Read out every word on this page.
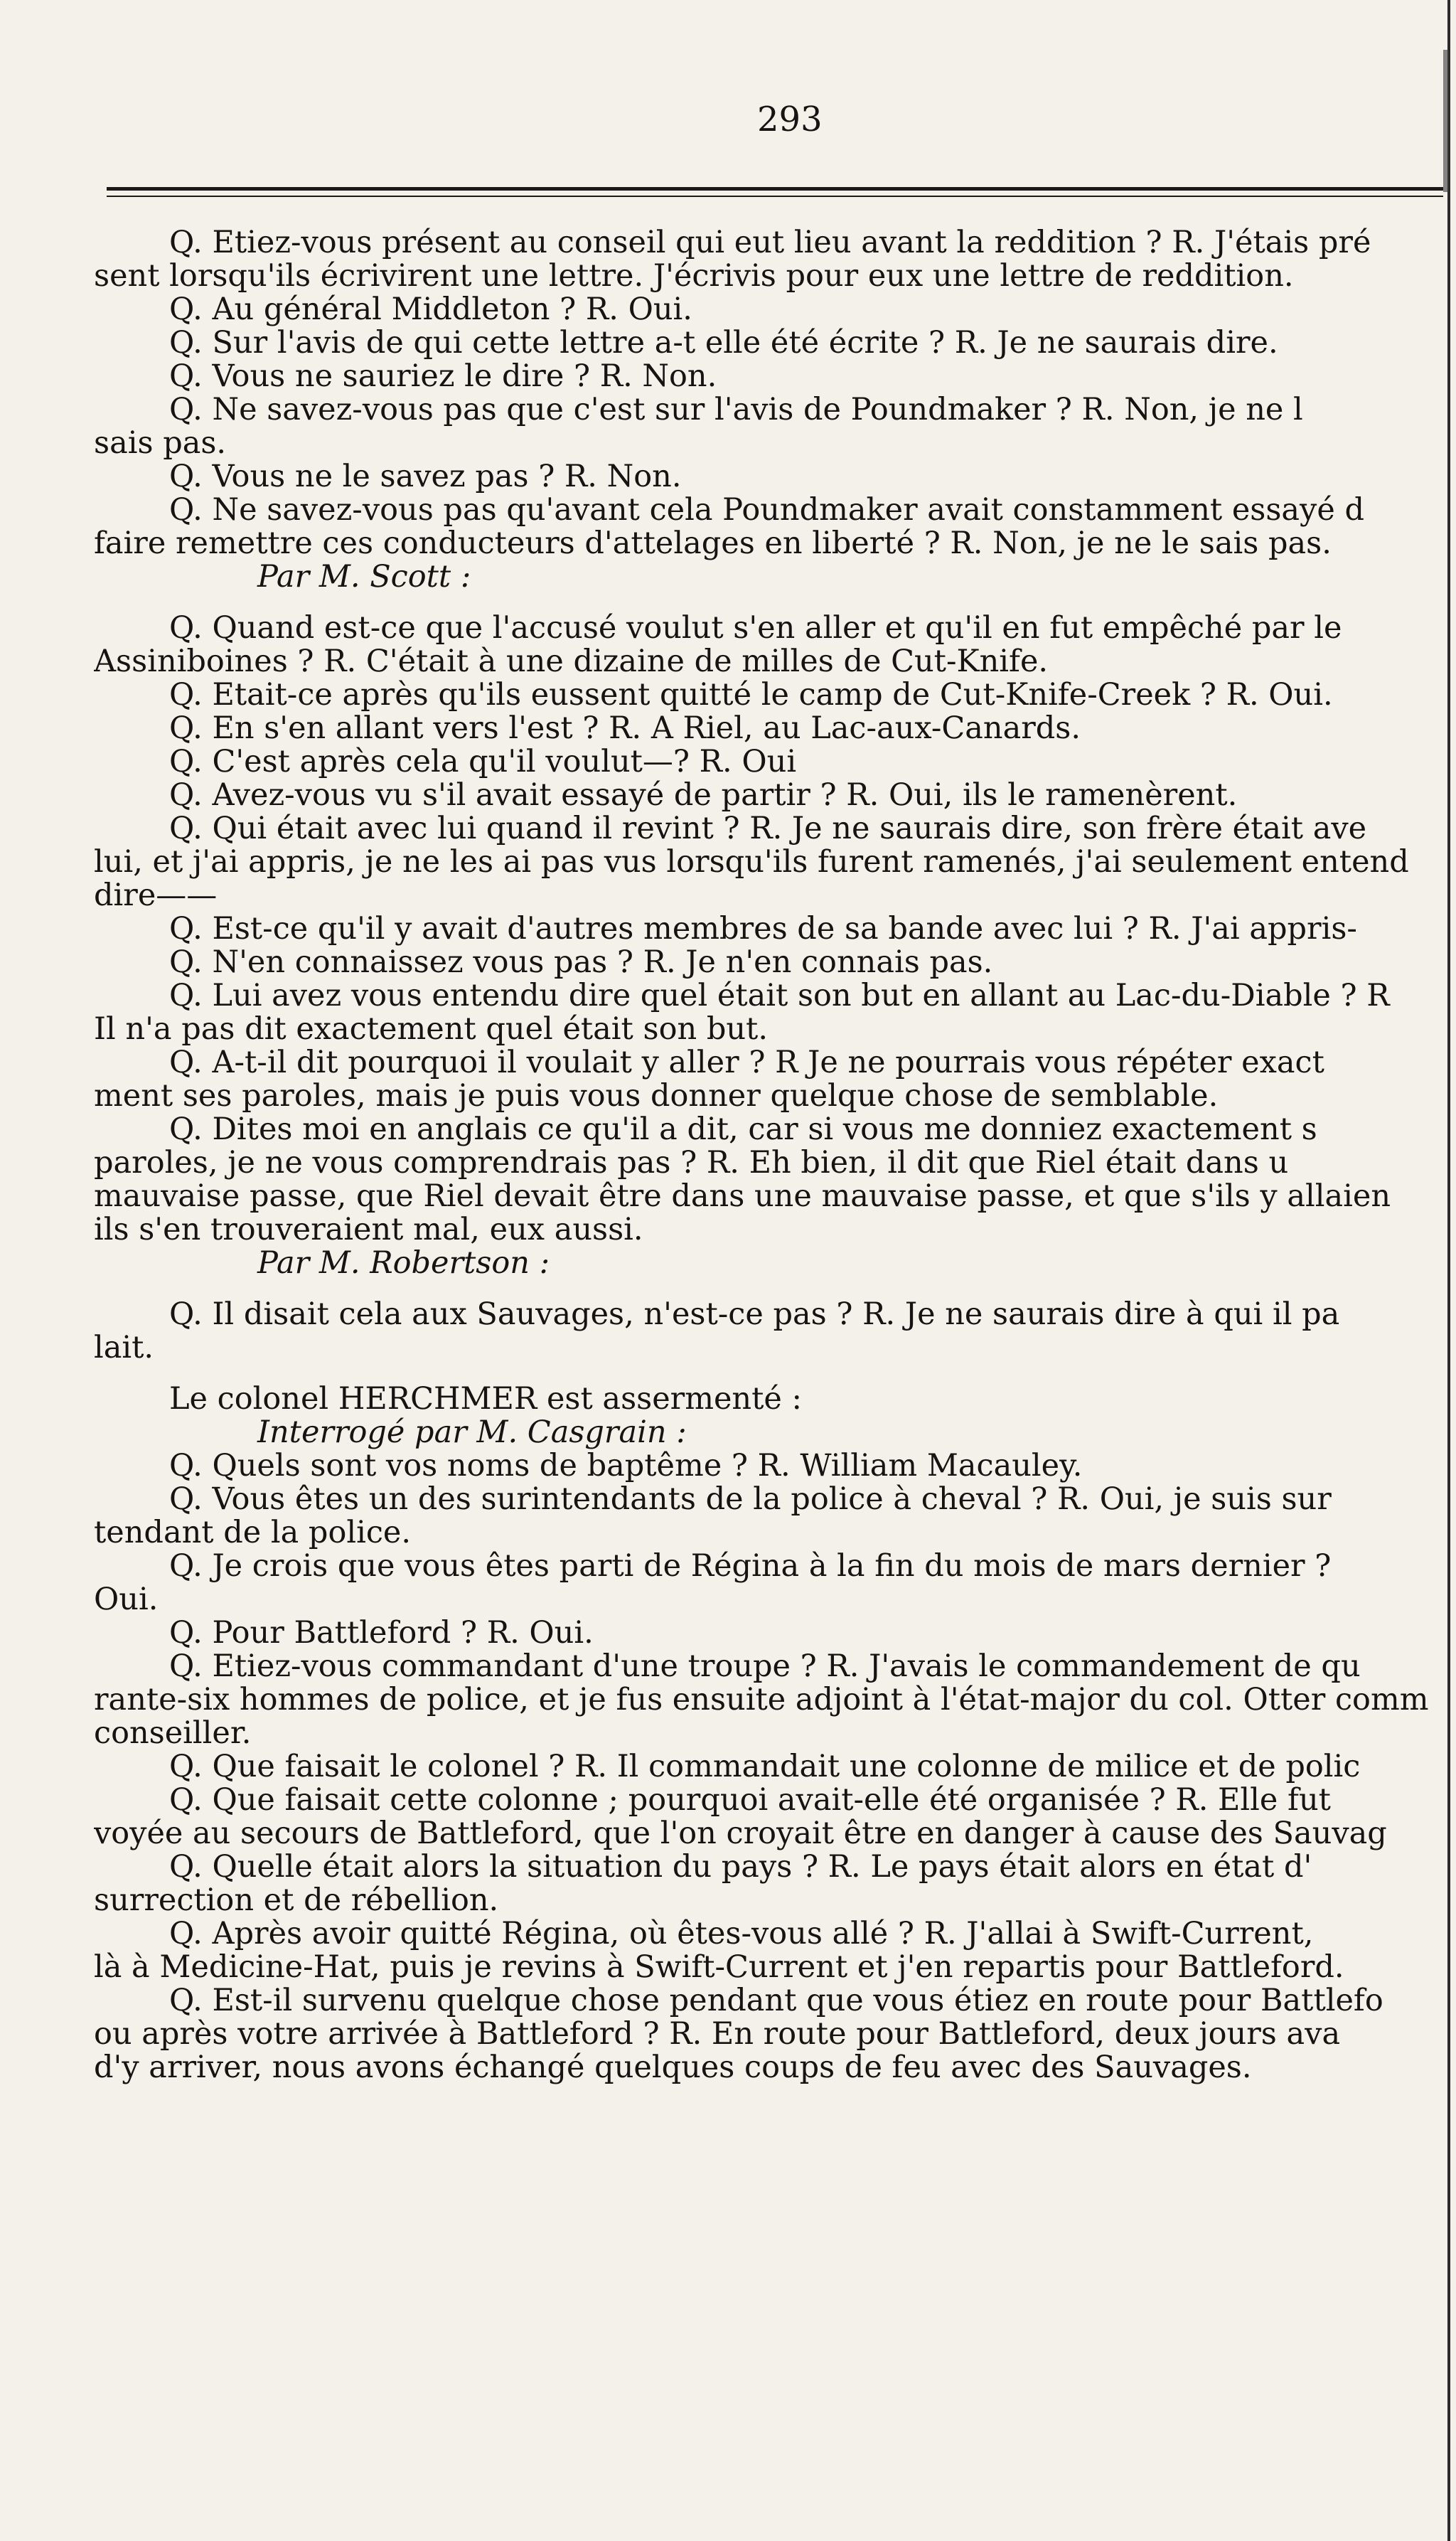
293
Q. Etiez-vous présent au conseil qui eut lieu avant la reddition ? R. J'étais pré
sent lorsqu'ils écrivirent une lettre. J'écrivis pour eux une lettre de reddition.
Q. Au général Middleton ? R. Oui.
Q. Sur l'avis de qui cette lettre a-t elle été écrite ? R. Je ne saurais dire.
Q. Vous ne sauriez le dire ? R. Non.
Q. Ne savez-vous pas que c'est sur l'avis de Poundmaker ? R. Non, je ne l
sais pas.
Q. Vous ne le savez pas ? R. Non.
Q. Ne savez-vous pas qu'avant cela Poundmaker avait constamment essayé d
faire remettre ces conducteurs d'attelages en liberté ? R. Non, je ne le sais pas.
Par M. Scott :
Q. Quand est-ce que l'accusé voulut s'en aller et qu'il en fut empêché par le
Assiniboines ? R. C'était à une dizaine de milles de Cut-Knife.
Q. Etait-ce après qu'ils eussent quitté le camp de Cut-Knife-Creek ? R. Oui.
Q. En s'en allant vers l'est ? R. A Riel, au Lac-aux-Canards.
Q. C'est après cela qu'il voulut—? R. Oui
Q. Avez-vous vu s'il avait essayé de partir ? R. Oui, ils le ramenèrent.
Q. Qui était avec lui quand il revint ? R. Je ne saurais dire, son frère était ave
lui, et j'ai appris, je ne les ai pas vus lorsqu'ils furent ramenés, j'ai seulement entend
dire——
Q. Est-ce qu'il y avait d'autres membres de sa bande avec lui ? R. J'ai appris-
Q. N'en connaissez vous pas ? R. Je n'en connais pas.
Q. Lui avez vous entendu dire quel était son but en allant au Lac-du-Diable ? R
Il n'a pas dit exactement quel était son but.
Q. A-t-il dit pourquoi il voulait y aller ? R Je ne pourrais vous répéter exact
ment ses paroles, mais je puis vous donner quelque chose de semblable.
Q. Dites moi en anglais ce qu'il a dit, car si vous me donniez exactement s
paroles, je ne vous comprendrais pas ? R. Eh bien, il dit que Riel était dans u
mauvaise passe, que Riel devait être dans une mauvaise passe, et que s'ils y allaien
ils s'en trouveraient mal, eux aussi.
Par M. Robertson :
Q. Il disait cela aux Sauvages, n'est-ce pas ? R. Je ne saurais dire à qui il pa
lait.
Le colonel HERCHMER est assermenté :
Interrogé par M. Casgrain :
Q. Quels sont vos noms de baptême ? R. William Macauley.
Q. Vous êtes un des surintendants de la police à cheval ? R. Oui, je suis sur
tendant de la police.
Q. Je crois que vous êtes parti de Régina à la fin du mois de mars dernier ?
Oui.
Q. Pour Battleford ? R. Oui.
Q. Etiez-vous commandant d'une troupe ? R. J'avais le commandement de qu
rante-six hommes de police, et je fus ensuite adjoint à l'état-major du col. Otter comm
conseiller.
Q. Que faisait le colonel ? R. Il commandait une colonne de milice et de polic
Q. Que faisait cette colonne ; pourquoi avait-elle été organisée ? R. Elle fut
voyée au secours de Battleford, que l'on croyait être en danger à cause des Sauvag
Q. Quelle était alors la situation du pays ? R. Le pays était alors en état d'
surrection et de rébellion.
Q. Après avoir quitté Régina, où êtes-vous allé ? R. J'allai à Swift-Current,
là à Medicine-Hat, puis je revins à Swift-Current et j'en repartis pour Battleford.
Q. Est-il survenu quelque chose pendant que vous étiez en route pour Battlefo
ou après votre arrivée à Battleford ? R. En route pour Battleford, deux jours ava
d'y arriver, nous avons échangé quelques coups de feu avec des Sauvages.
